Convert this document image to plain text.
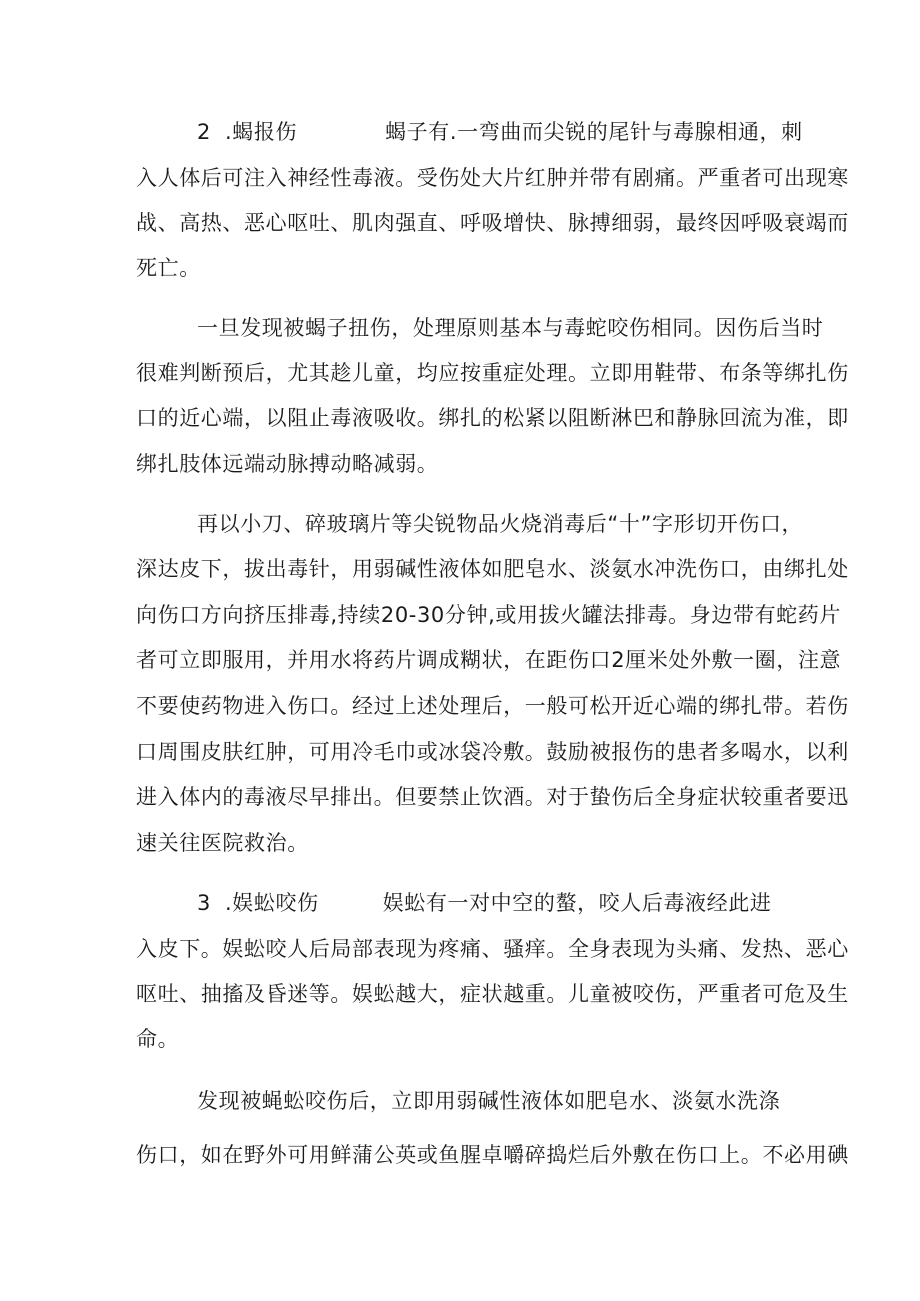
2 .蝎报伤	蝎子有.一弯曲而尖锐的尾针与毒腺相通，刺
入人体后可注入神经性毒液。受伤处大片红肿并带有剧痛。严重者可出现寒
战、高热、恶心呕吐、肌肉强直、呼吸增快、脉搏细弱，最终因呼吸衰竭而
死亡。
一旦发现被蝎子扭伤，处理原则基本与毒蛇咬伤相同。因伤后当时
很难判断预后，尤其趁儿童，均应按重症处理。立即用鞋带、布条等绑扎伤
口的近心端，以阻止毒液吸收。绑扎的松紧以阻断淋巴和静脉回流为准，即
绑扎肢体远端动脉搏动略减弱。
再以小刀、碎玻璃片等尖锐物品火烧消毒后“十”字形切开伤口，
深达皮下，拔出毒针，用弱碱性液体如肥皂水、淡氨水冲洗伤口，由绑扎处
向伤口方向挤压排毒,持续20-30分钟,或用拔火罐法排毒。身边带有蛇药片
者可立即服用，并用水将药片调成糊状，在距伤口2厘米处外敷一圈，注意
不要使药物进入伤口。经过上述处理后，一般可松开近心端的绑扎带。若伤
口周围皮肤红肿，可用冷毛巾或冰袋冷敷。鼓励被报伤的患者多喝水，以利
进入体内的毒液尽早排出。但要禁止饮酒。对于蛰伤后全身症状较重者要迅
速关往医院救治。
3 .娱蚣咬伤	娱蚣有一对中空的螯，咬人后毒液经此进
入皮下。娱蚣咬人后局部表现为疼痛、骚痒。全身表现为头痛、发热、恶心
呕吐、抽搐及昏迷等。娱蚣越大，症状越重。儿童被咬伤，严重者可危及生
命。
发现被蝇蚣咬伤后，立即用弱碱性液体如肥皂水、淡氨水洗涤
伤口，如在野外可用鲜蒲公英或鱼腥卓嚼碎捣烂后外敷在伤口上。不必用碘
